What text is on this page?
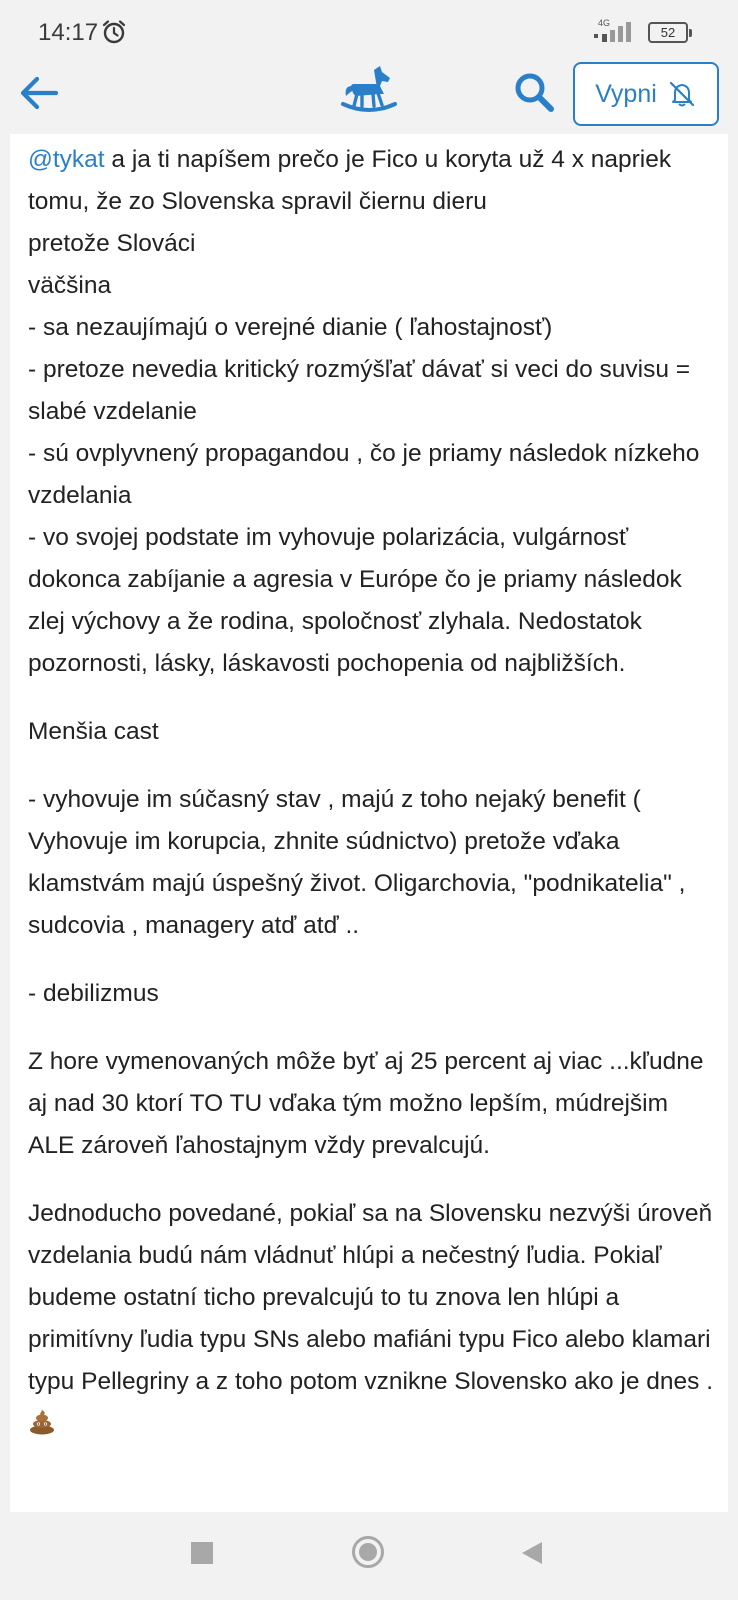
14:17	4G
52
Vypni

@tykat a ja ti napíšem prečo je Fico u koryta už 4 x napriek tomu, že zo Slovenska spravil čiernu dieru

pretože Slováci

väčšina

- sa nezaujímajú o verejné dianie ( ľahostajnosť)

- pretoze nevedia kritický rozmýšľať dávať si veci do suvisu = slabé vzdelanie

- sú ovplyvnený propagandou , čo je priamy následok nízkeho vzdelania

- vo svojej podstate im vyhovuje polarizácia, vulgárnosť dokonca zabíjanie a agresia v Európe čo je priamy následok zlej výchovy a že rodina, spoločnosť zlyhala. Nedostatok pozornosti, lásky, láskavosti pochopenia od najbližších.

Menšia cast

- vyhovuje im súčasný stav , majú z toho nejaký benefit ( Vyhovuje im korupcia, zhnite súdnictvo) pretože vďaka klamstvám majú úspešný život. Oligarchovia, "podnikatelia" , sudcovia , managery atď atď ..

- debilizmus

Z hore vymenovaných môže byť aj 25 percent aj viac ...kľudne aj nad 30 ktorí TO TU vďaka tým možno lepším, múdrejšim ALE zároveň ľahostajnym vždy prevalcujú.

Jednoducho povedané, pokiaľ sa na Slovensku nezvýši úroveň vzdelania budú nám vládnuť hlúpi a nečestný ľudia. Pokiaľ budeme ostatní ticho prevalcujú to tu znova len hlúpi a primitívny ľudia typu SNs alebo mafiáni typu Fico alebo klamari typu Pellegriny a z toho potom vznikne Slovensko ako je dnes .
